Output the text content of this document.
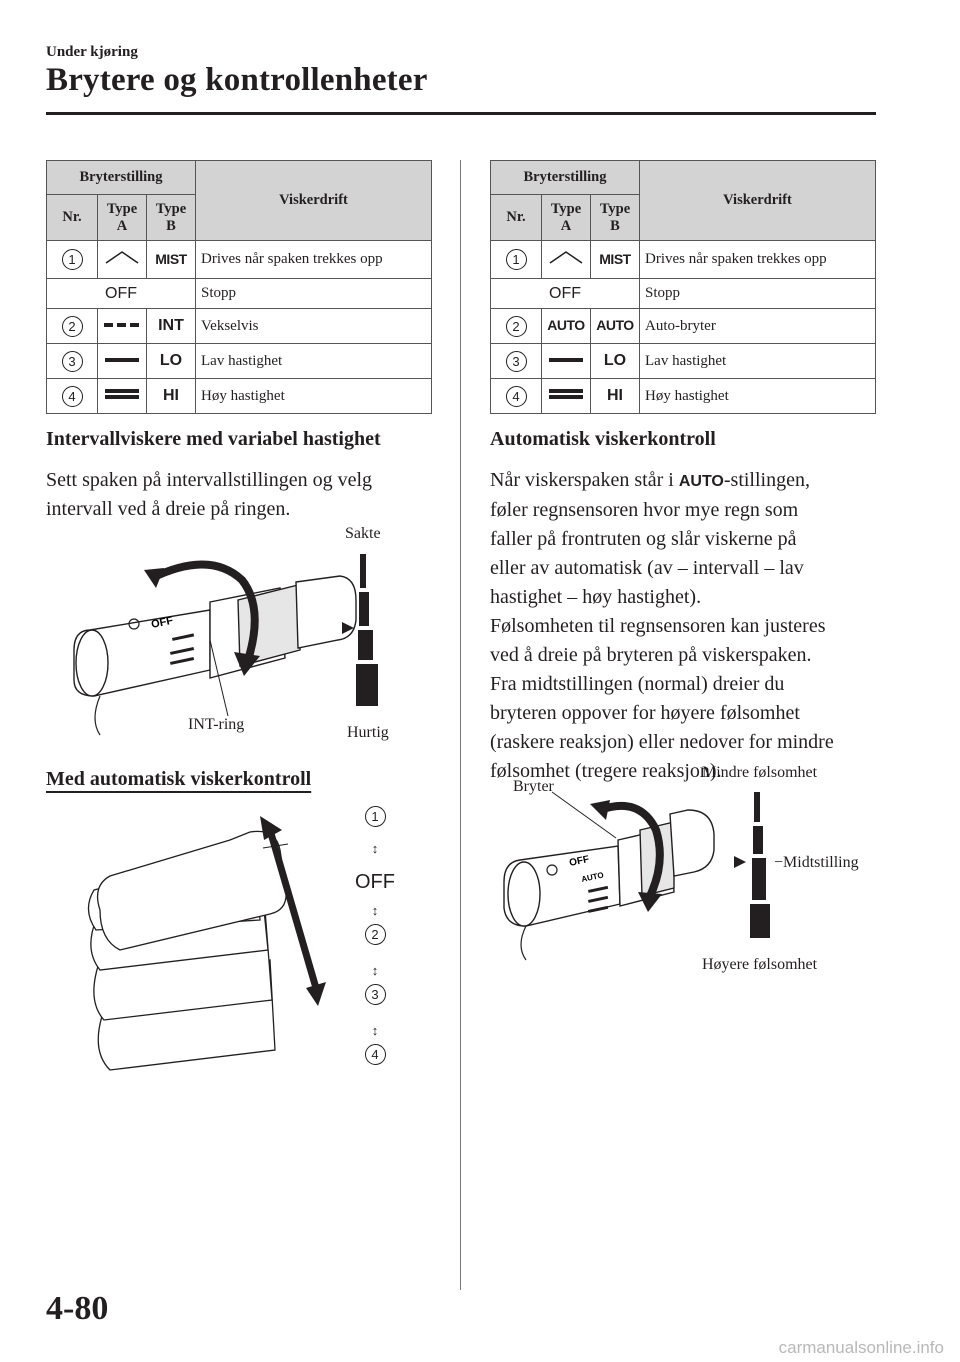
Under kjøring
Brytere og kontrollenheter
Bryterstilling			Viskerdrift
Nr.	Type A	Type B	
1		MIST	Drives når spaken trekkes opp
OFF			Stopp
2		INT	Vekselvis
3		LO	Lav hastighet
4		HI	Høy hastighet
Bryterstilling			Viskerdrift
Nr.	Type A	Type B	
1		MIST	Drives når spaken trekkes opp
OFF			Stopp
2	AUTO	AUTO	Auto-bryter
3		LO	Lav hastighet
4		HI	Høy hastighet
Intervallviskere med variabel hastighet
Sett spaken på intervallstillingen og velg
intervall ved å dreie på ringen.
OFF
Sakte
Hurtig
INT-ring
Med automatisk viskerkontroll
1
↕
OFF
↕
2
↕
3
↕
4
Automatisk viskerkontroll
Når viskerspaken står i AUTO-stillingen,
føler regnsensoren hvor mye regn som
faller på frontruten og slår viskerne på
eller av automatisk (av – intervall – lav
hastighet – høy hastighet).
Følsomheten til regnsensoren kan justeres
ved å dreie på bryteren på viskerspaken.
Fra midtstillingen (normal) dreier du
bryteren oppover for høyere følsomhet
(raskere reaksjon) eller nedover for mindre
følsomhet (tregere reaksjon).
OFF
AUTO
Bryter
Mindre følsomhet
−Midtstilling
Høyere følsomhet
4-80
carmanualsonline.info
